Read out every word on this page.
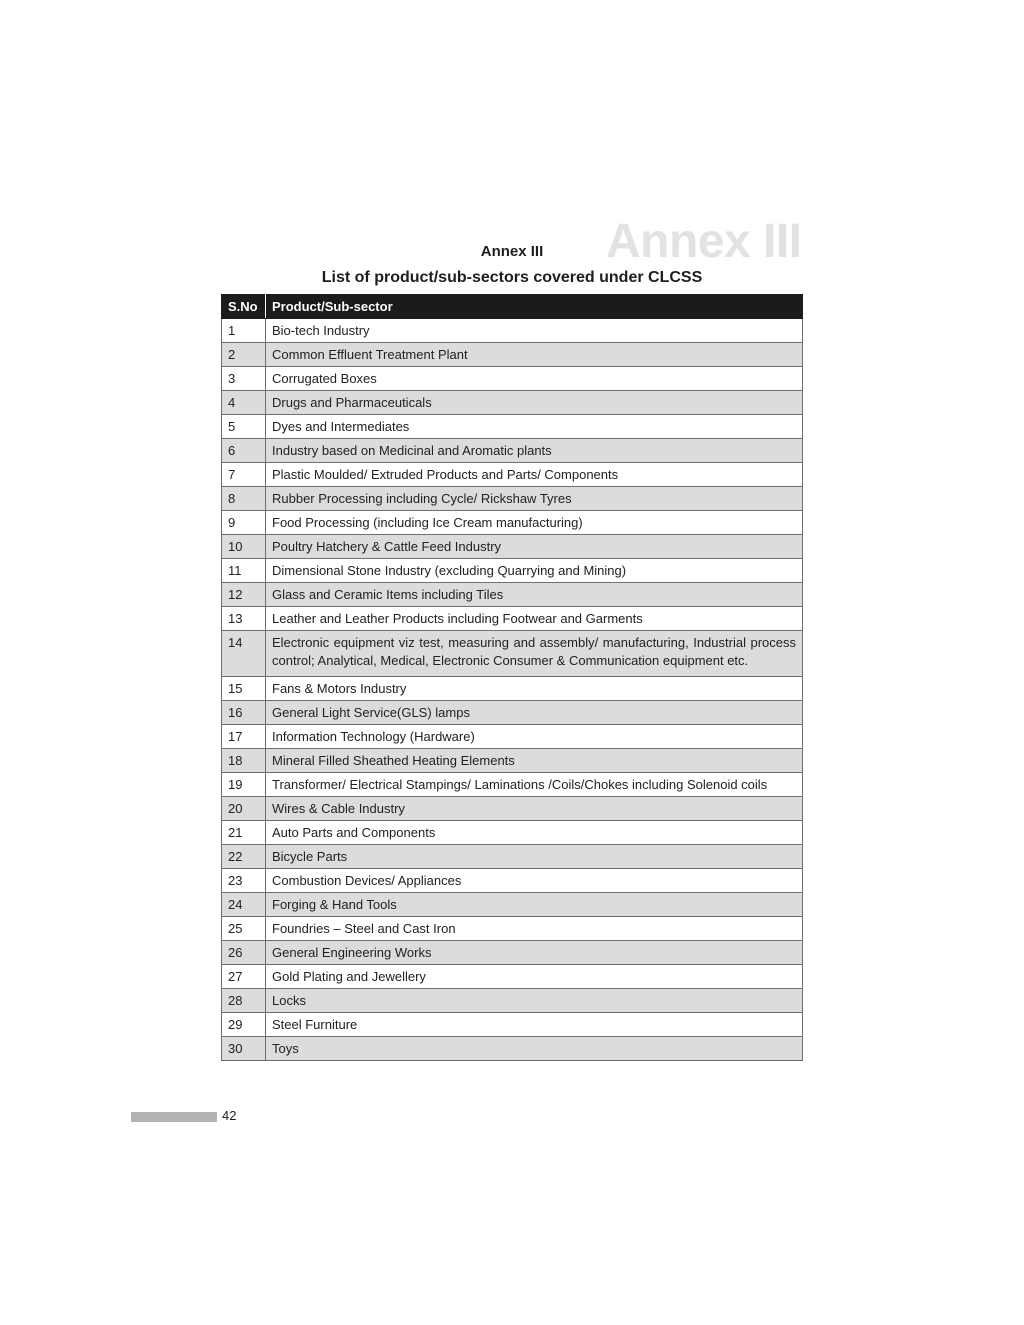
Annex III
Annex III
List of product/sub-sectors covered under CLCSS
S.No	Product/Sub-sector
1	Bio-tech Industry
2	Common Effluent Treatment Plant
3	Corrugated Boxes
4	Drugs and Pharmaceuticals
5	Dyes and Intermediates
6	Industry based on Medicinal and Aromatic plants
7	Plastic Moulded/ Extruded Products and Parts/ Components
8	Rubber Processing including Cycle/ Rickshaw Tyres
9	Food Processing (including Ice Cream manufacturing)
10	Poultry Hatchery & Cattle Feed Industry
11	Dimensional Stone Industry (excluding Quarrying and Mining)
12	Glass and Ceramic Items including Tiles
13	Leather and Leather Products including Footwear and Garments
14	Electronic equipment viz test, measuring and assembly/ manufacturing, Industrial process control; Analytical, Medical, Electronic Consumer & Communication equipment etc.
15	Fans & Motors Industry
16	General Light Service(GLS) lamps
17	Information Technology (Hardware)
18	Mineral Filled Sheathed Heating Elements
19	Transformer/ Electrical Stampings/ Laminations /Coils/Chokes including Solenoid coils
20	Wires & Cable Industry
21	Auto Parts and Components
22	Bicycle Parts
23	Combustion Devices/ Appliances
24	Forging & Hand Tools
25	Foundries – Steel and Cast Iron
26	General Engineering Works
27	Gold Plating and Jewellery
28	Locks
29	Steel Furniture
30	Toys
42
